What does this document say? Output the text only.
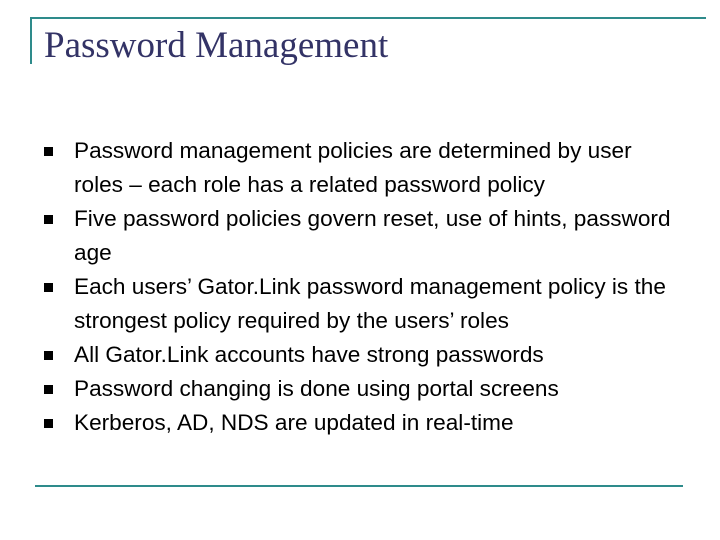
Password Management
Password management policies are determined by user roles – each role has a related password policy
Five password policies govern reset, use of hints, password age
Each users’ Gator.Link password management policy is the strongest policy required by the users’ roles
All Gator.Link accounts have strong passwords
Password changing is done using portal screens
Kerberos, AD, NDS are updated in real-time
